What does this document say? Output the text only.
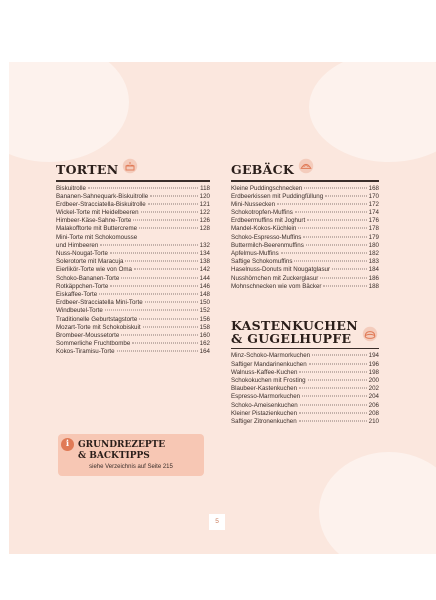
TORTEN
Biskuitrolle	118
Bananen-Sahnequark-Biskuitrolle	120
Erdbeer-Stracciatella-Biskuitrolle	121
Wickel-Torte mit Heidelbeeren	122
Himbeer-Käse-Sahne-Torte	126
Malakofftorte mit Buttercreme	128
Mini-Torte mit Schokomousse
und Himbeeren	132
Nuss-Nougat-Torte	134
Solerotorte mit Maracuja	138
Eierlikör-Torte wie von Oma	142
Schoko-Bananen-Torte	144
Rotkäppchen-Torte	146
Eiskaffee-Torte	148
Erdbeer-Stracciatella Mini-Torte	150
Windbeutel-Torte	152
Traditionelle Geburtstagstorte	156
Mozart-Torte mit Schokobiskuit	158
Brombeer-Moussetorte	160
Sommerliche Fruchtbombe	162
Kokos-Tiramisu-Torte	164
GEBÄCK
Kleine Puddingschnecken	168
Erdbeerkissen mit Puddingfüllung	170
Mini-Nussecken	172
Schokotropfen-Muffins	174
Erdbeermuffins mit Joghurt	176
Mandel-Kokos-Küchlein	178
Schoko-Espresso-Muffins	179
Buttermilch-Beerenmuffins	180
Apfelmus-Muffins	182
Saftige Schokomuffins	183
Haselnuss-Donuts mit Nougatglasur	184
Nusshörnchen mit Zuckerglasur	186
Mohnschnecken wie vom Bäcker	188
KASTENKUCHEN
& GUGELHUPFE
Minz-Schoko-Marmorkuchen	194
Saftiger Mandarinenkuchen	196
Walnuss-Kaffee-Kuchen	198
Schokokuchen mit Frosting	200
Blaubeer-Kastenkuchen	202
Espresso-Marmorkuchen	204
Schoko-Ameisenkuchen	206
Kleiner Pistazienkuchen	208
Saftiger Zitronenkuchen	210
i GRUNDREZEPTE
& BACKTIPPS
siehe Verzeichnis auf Seite 215
5
